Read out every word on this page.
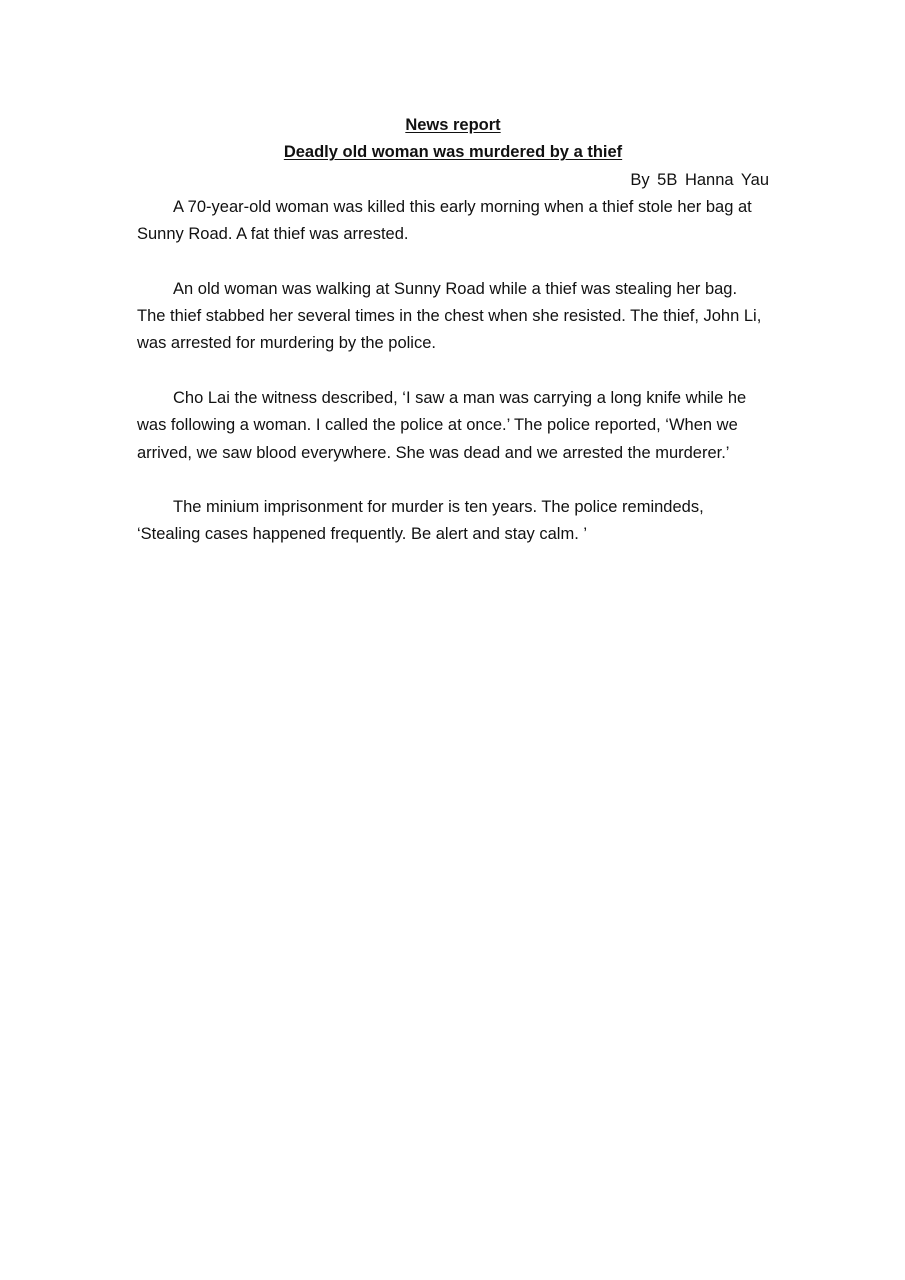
News report

Deadly old woman was murdered by a thief

By 5B Hanna Yau

A 70-year-old woman was killed this early morning when a thief stole her bag at Sunny Road. A fat thief was arrested.

An old woman was walking at Sunny Road while a thief was stealing her bag. The thief stabbed her several times in the chest when she resisted. The thief, John Li, was arrested for murdering by the police.

Cho Lai the witness described, ‘I saw a man was carrying a long knife while he was following a woman. I called the police at once.’ The police reported, ‘When we arrived, we saw blood everywhere. She was dead and we arrested the murderer.’

The minium imprisonment for murder is ten years. The police remindeds, ‘Stealing cases happened frequently. Be alert and stay calm. ’
